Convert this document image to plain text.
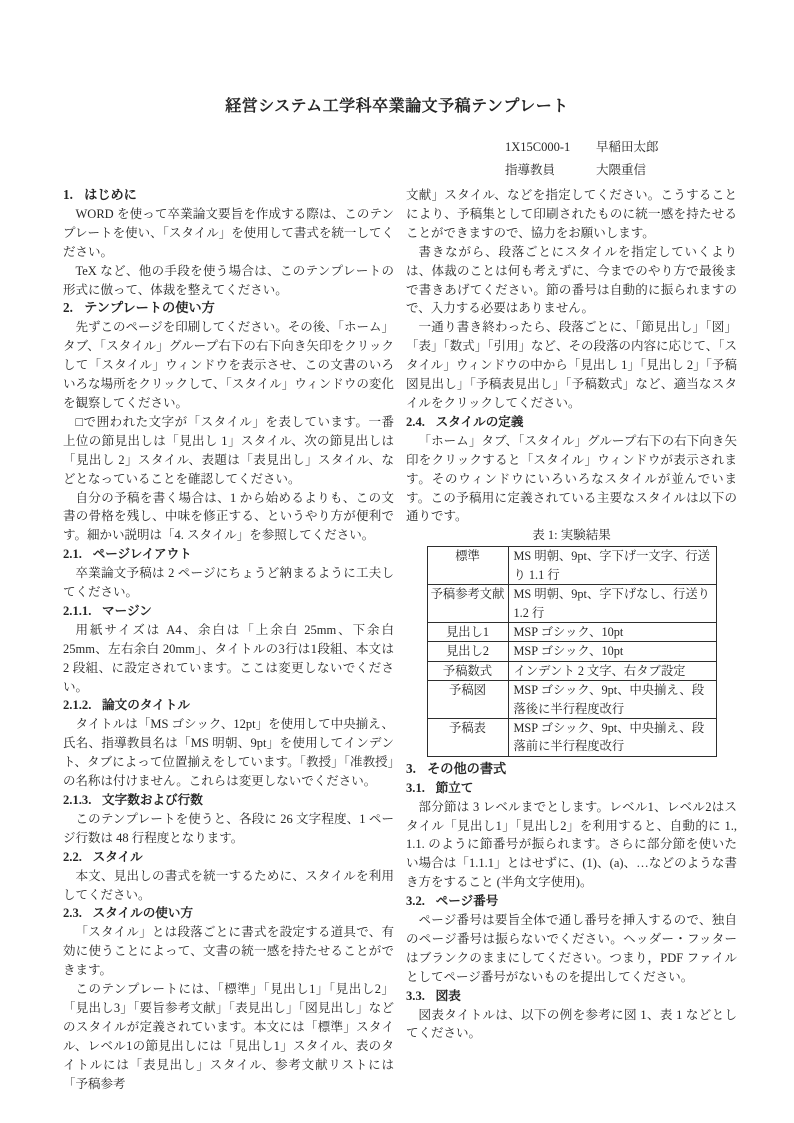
経営システム工学科卒業論文予稿テンプレート
1X15C000-1 早稲田太郎
指導教員	大隈重信
1. はじめに

WORD を使って卒業論文要旨を作成する際は、このテンプレートを使い、「スタイル」を使用して書式を統一してください。

TeX など、他の手段を使う場合は、このテンプレートの形式に倣って、体裁を整えてください。

2. テンプレートの使い方

先ずこのページを印刷してください。その後、「ホーム」タブ、「スタイル」グループ右下の右下向き矢印をクリックして「スタイル」ウィンドウを表示させ、この文書のいろいろな場所をクリックして、「スタイル」ウィンドウの変化を観察してください。

□で囲われた文字が「スタイル」を表しています。一番上位の節見出しは「見出し 1」スタイル、次の節見出しは「見出し 2」スタイル、表題は「表見出し」スタイル、などとなっていることを確認してください。

自分の予稿を書く場合は、1 から始めるよりも、この文書の骨格を残し、中味を修正する、というやり方が便利です。細かい説明は「4. スタイル」を参照してください。

2.1. ページレイアウト

卒業論文予稿は 2 ページにちょうど納まるように工夫してください。

2.1.1. マージン

用紙サイズは A4、余白は「上余白 25mm、下余白 25mm、左右余白 20mm」、タイトルの3行は1段組、本文は 2 段組、に設定されています。ここは変更しないでください。

2.1.2. 論文のタイトル

タイトルは「MS ゴシック、12pt」を使用して中央揃え、氏名、指導教員名は「MS 明朝、9pt」を使用してインデント、タブによって位置揃えをしています。「教授」「准教授」の名称は付けません。これらは変更しないでください。

2.1.3. 文字数および行数

このテンプレートを使うと、各段に 26 文字程度、1 ページ行数は 48 行程度となります。

2.2. スタイル

本文、見出しの書式を統一するために、スタイルを利用してください。

2.3. スタイルの使い方

「スタイル」とは段落ごとに書式を設定する道具で、有効に使うことによって、文書の統一感を持たせることができます。

このテンプレートには、「標準」「見出し1」「見出し2」「見出し3」「要旨参考文献」「表見出し」「図見出し」などのスタイルが定義されています。本文には「標準」スタイル、レベル1の節見出しには「見出し1」スタイル、表のタイトルには「表見出し」スタイル、参考文献リストには「予稿参考

文献」スタイル、などを指定してください。こうすることにより、予稿集として印刷されたものに統一感を持たせることができますので、協力をお願いします。

書きながら、段落ごとにスタイルを指定していくよりは、体裁のことは何も考えずに、今までのやり方で最後まで書きあげてください。節の番号は自動的に振られますので、入力する必要はありません。

一通り書き終わったら、段落ごとに、「節見出し」「図」「表」「数式」「引用」など、その段落の内容に応じて、「スタイル」ウィンドウの中から「見出し 1」「見出し 2」「予稿図見出し」「予稿表見出し」「予稿数式」など、適当なスタイルをクリックしてください。

2.4. スタイルの定義

「ホーム」タブ、「スタイル」グループ右下の右下向き矢印をクリックすると「スタイル」ウィンドウが表示されます。そのウィンドウにいろいろなスタイルが並んでいます。この予稿用に定義されている主要なスタイルは以下の通りです。

表 1: 実験結果
標準	MS 明朝、9pt、字下げ一文字、行送り 1.1 行
予稿参考文献	MS 明朝、9pt、字下げなし、行送り 1.2 行
見出し1	MSP ゴシック、10pt
見出し2	MSP ゴシック、10pt
予稿数式	インデント 2 文字、右タブ設定
予稿図	MSP ゴシック、9pt、中央揃え、段落後に半行程度改行
予稿表	MSP ゴシック、9pt、中央揃え、段落前に半行程度改行
3. その他の書式
3.1. 節立て

部分節は 3 レベルまでとします。レベル1、レベル2はスタイル「見出し1」「見出し2」を利用すると、自動的に 1., 1.1. のように節番号が振られます。さらに部分節を使いたい場合は「1.1.1」とはせずに、(1)、(a)、…などのような書き方をすること (半角文字使用)。

3.2. ページ番号

ページ番号は要旨全体で通し番号を挿入するので、独自のページ番号は振らないでください。ヘッダー・フッターはブランクのままにしてください。つまり，PDF ファイルとしてページ番号がないものを提出してください。

3.3. 図表

図表タイトルは、以下の例を参考に図 1、表 1 などとしてください。
